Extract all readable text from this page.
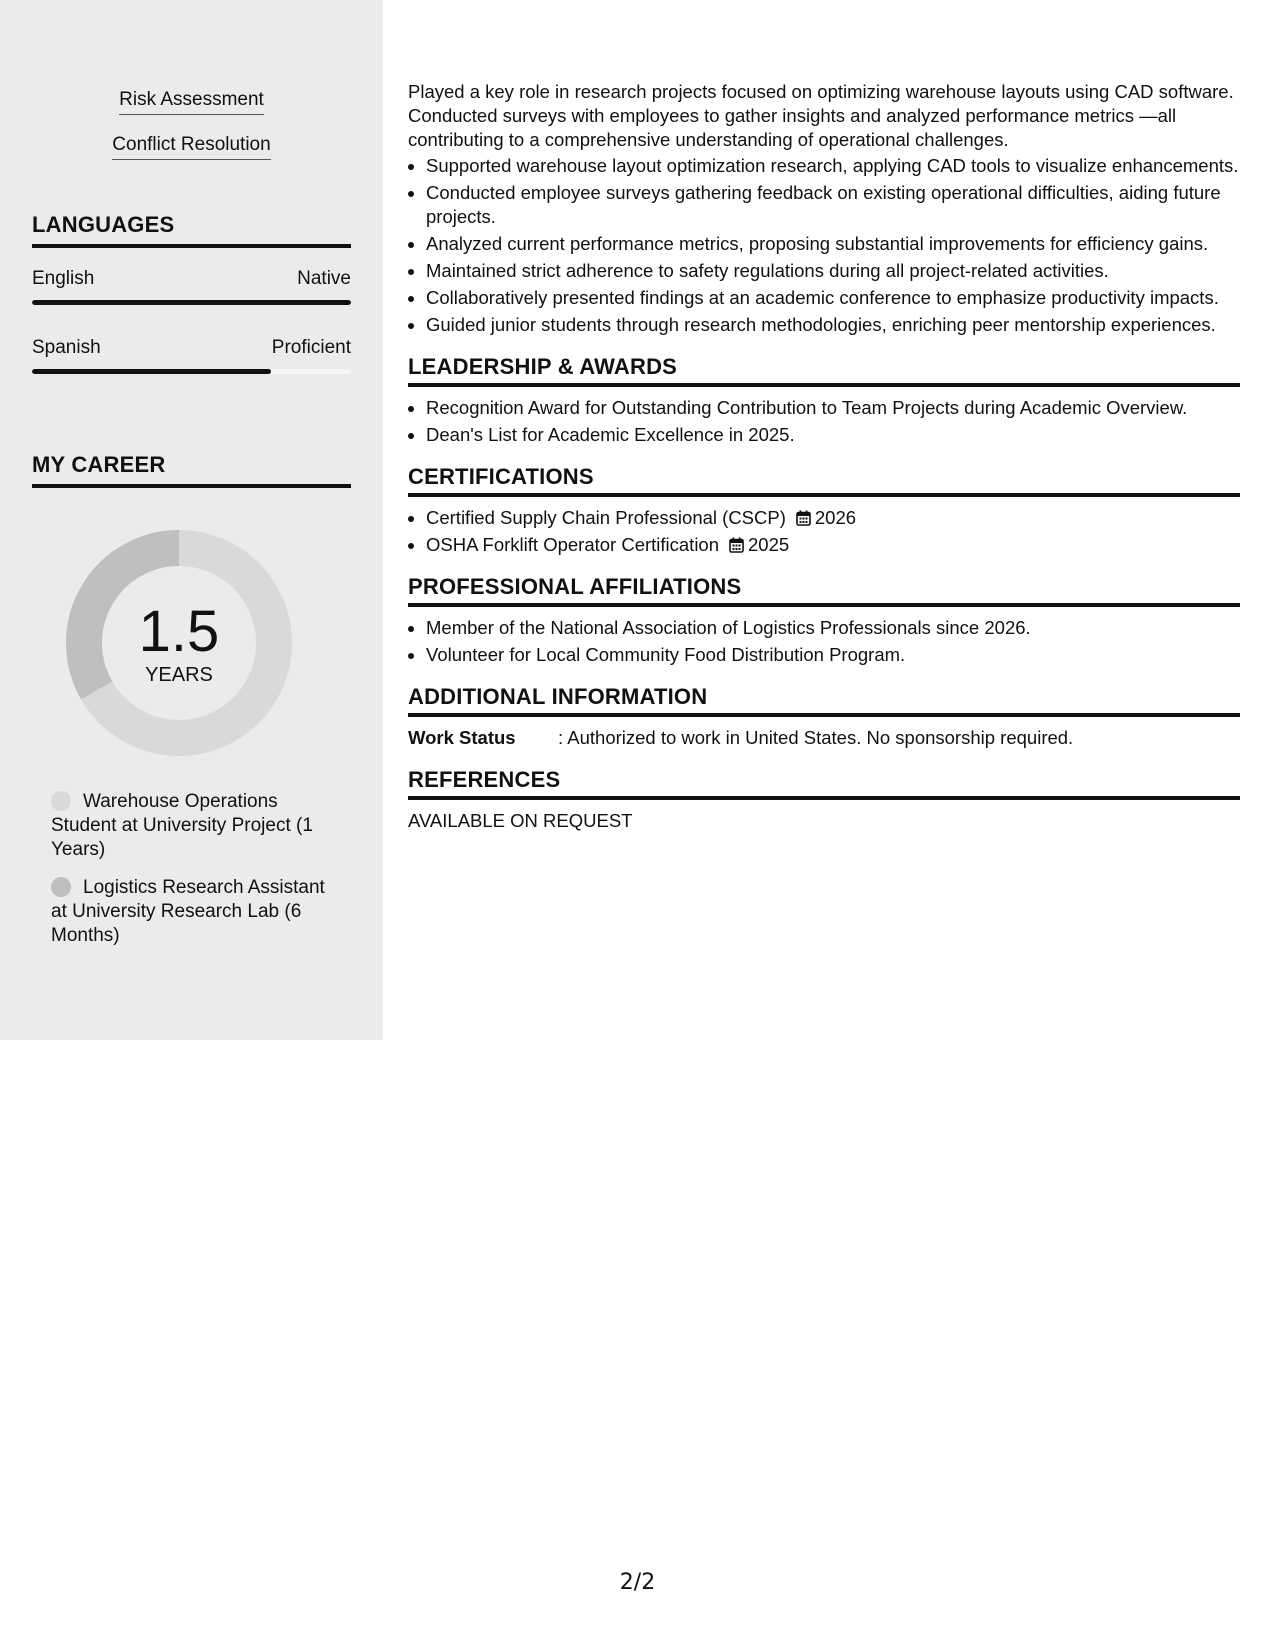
Risk Assessment
Conflict Resolution
LANGUAGES
English	Native
Spanish	Proficient
MY CAREER
1.5
YEARS
Warehouse Operations Student at University Project (1 Years)
Logistics Research Assistant at University Research Lab (6 Months)

Played a key role in research projects focused on optimizing warehouse layouts using CAD software. Conducted surveys with employees to gather insights and analyzed performance metrics —all contributing to a comprehensive understanding of operational challenges.

• Supported warehouse layout optimization research, applying CAD tools to visualize enhancements.
• Conducted employee surveys gathering feedback on existing operational difficulties, aiding future projects.
• Analyzed current performance metrics, proposing substantial improvements for efficiency gains.
• Maintained strict adherence to safety regulations during all project-related activities.
• Collaboratively presented findings at an academic conference to emphasize productivity impacts.
• Guided junior students through research methodologies, enriching peer mentorship experiences.
LEADERSHIP & AWARDS
• Recognition Award for Outstanding Contribution to Team Projects during Academic Overview.
• Dean's List for Academic Excellence in 2025.
CERTIFICATIONS
• Certified Supply Chain Professional (CSCP) 2026
• OSHA Forklift Operator Certification 2025
PROFESSIONAL AFFILIATIONS
• Member of the National Association of Logistics Professionals since 2026.
• Volunteer for Local Community Food Distribution Program.
ADDITIONAL INFORMATION
Work Status	: Authorized to work in United States. No sponsorship required.
REFERENCES
AVAILABLE ON REQUEST
2/2
